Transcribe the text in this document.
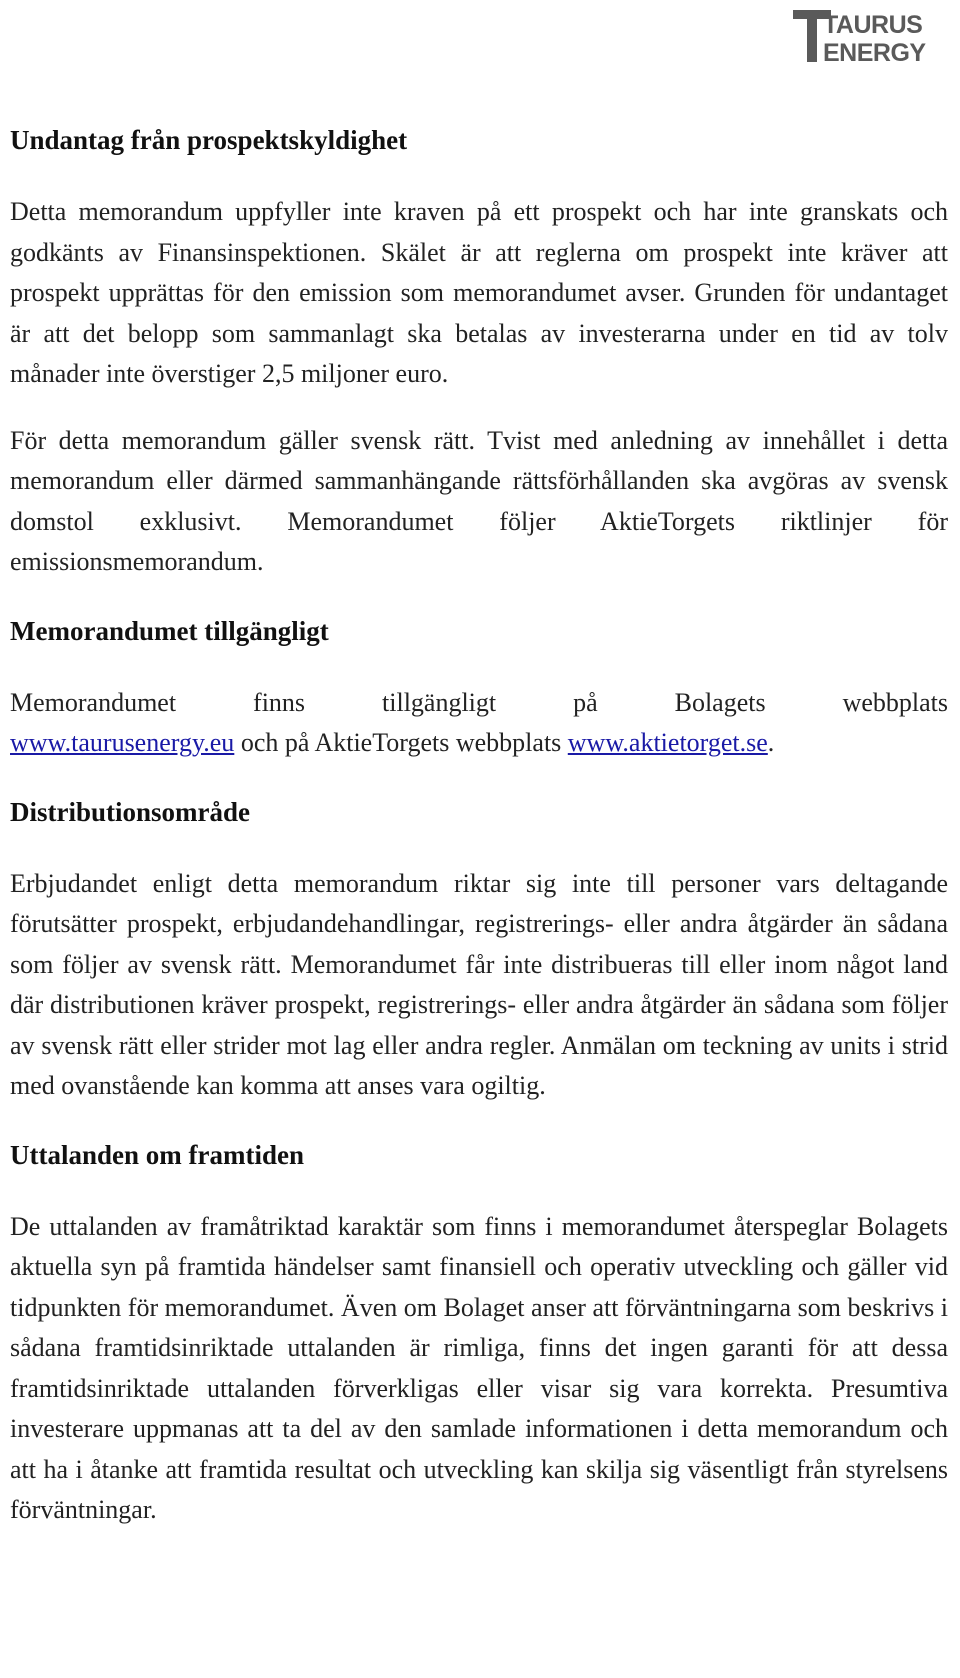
TAURUS
ENERGY
Undantag från prospektskyldighet

Detta memorandum uppfyller inte kraven på ett prospekt och har inte granskats och godkänts av Finansinspektionen. Skälet är att reglerna om prospekt inte kräver att prospekt upprättas för den emission som memorandumet avser. Grunden för undantaget är att det belopp som sammanlagt ska betalas av investerarna under en tid av tolv månader inte överstiger 2,5 miljoner euro.

För detta memorandum gäller svensk rätt. Tvist med anledning av innehållet i detta memorandum eller därmed sammanhängande rättsförhållanden ska avgöras av svensk domstol exklusivt. Memorandumet följer AktieTorgets riktlinjer för emissionsmemorandum.

Memorandumet tillgängligt

Memorandumet finns tillgängligt på Bolagets webbplats
www.taurusenergy.eu och på AktieTorgets webbplats www.aktietorget.se.

Distributionsområde

Erbjudandet enligt detta memorandum riktar sig inte till personer vars deltagande förutsätter prospekt, erbjudandehandlingar, registrerings- eller andra åtgärder än sådana som följer av svensk rätt. Memorandumet får inte distribueras till eller inom något land där distributionen kräver prospekt, registrerings- eller andra åtgärder än sådana som följer av svensk rätt eller strider mot lag eller andra regler. Anmälan om teckning av units i strid med ovanstående kan komma att anses vara ogiltig.

Uttalanden om framtiden

De uttalanden av framåtriktad karaktär som finns i memorandumet återspeglar Bolagets aktuella syn på framtida händelser samt finansiell och operativ utveckling och gäller vid tidpunkten för memorandumet. Även om Bolaget anser att förväntningarna som beskrivs i sådana framtidsinriktade uttalanden är rimliga, finns det ingen garanti för att dessa framtidsinriktade uttalanden förverkligas eller visar sig vara korrekta. Presumtiva investerare uppmanas att ta del av den samlade informationen i detta memorandum och att ha i åtanke att framtida resultat och utveckling kan skilja sig väsentligt från styrelsens förväntningar.
